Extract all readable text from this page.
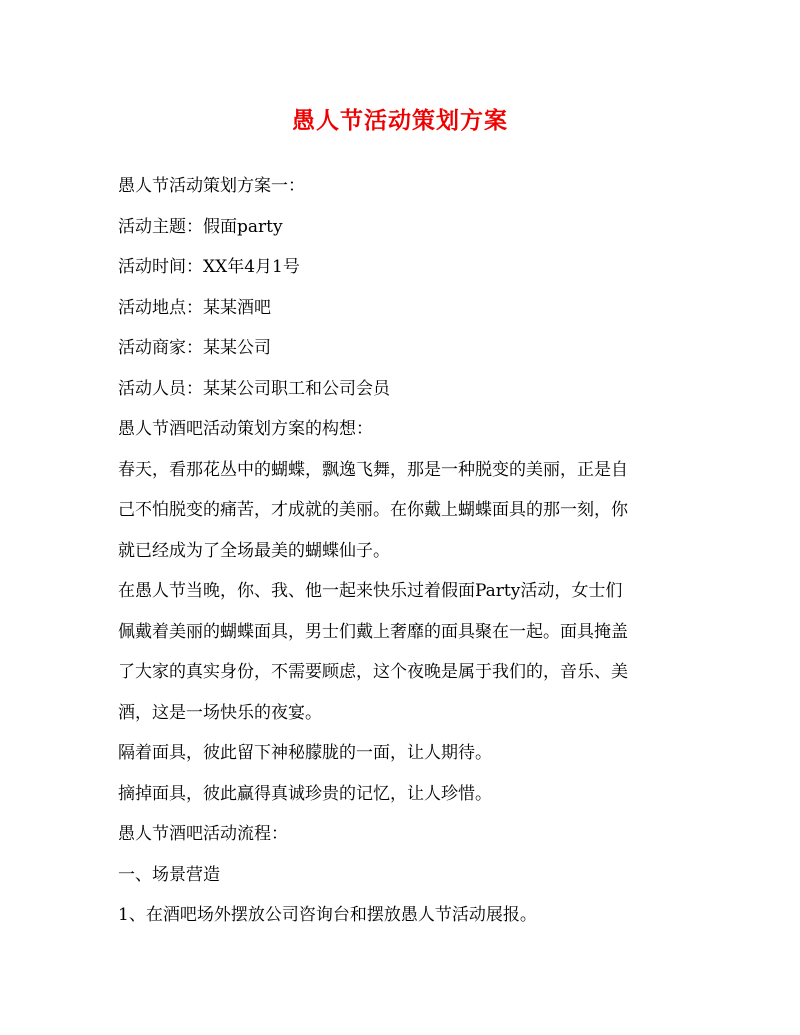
愚人节活动策划方案
愚人节活动策划方案一：
活动主题：假面party
活动时间：XX年4月1号
活动地点：某某酒吧
活动商家：某某公司
活动人员：某某公司职工和公司会员
愚人节酒吧活动策划方案的构想：
春天，看那花丛中的蝴蝶，飘逸飞舞，那是一种脱变的美丽，正是自
己不怕脱变的痛苦，才成就的美丽。在你戴上蝴蝶面具的那一刻，你
就已经成为了全场最美的蝴蝶仙子。
在愚人节当晚，你、我、他一起来快乐过着假面Party活动，女士们
佩戴着美丽的蝴蝶面具，男士们戴上奢靡的面具聚在一起。面具掩盖
了大家的真实身份，不需要顾虑，这个夜晚是属于我们的，音乐、美
酒，这是一场快乐的夜宴。
隔着面具，彼此留下神秘朦胧的一面，让人期待。
摘掉面具，彼此赢得真诚珍贵的记忆，让人珍惜。
愚人节酒吧活动流程：
一、场景营造
1、在酒吧场外摆放公司咨询台和摆放愚人节活动展报。
